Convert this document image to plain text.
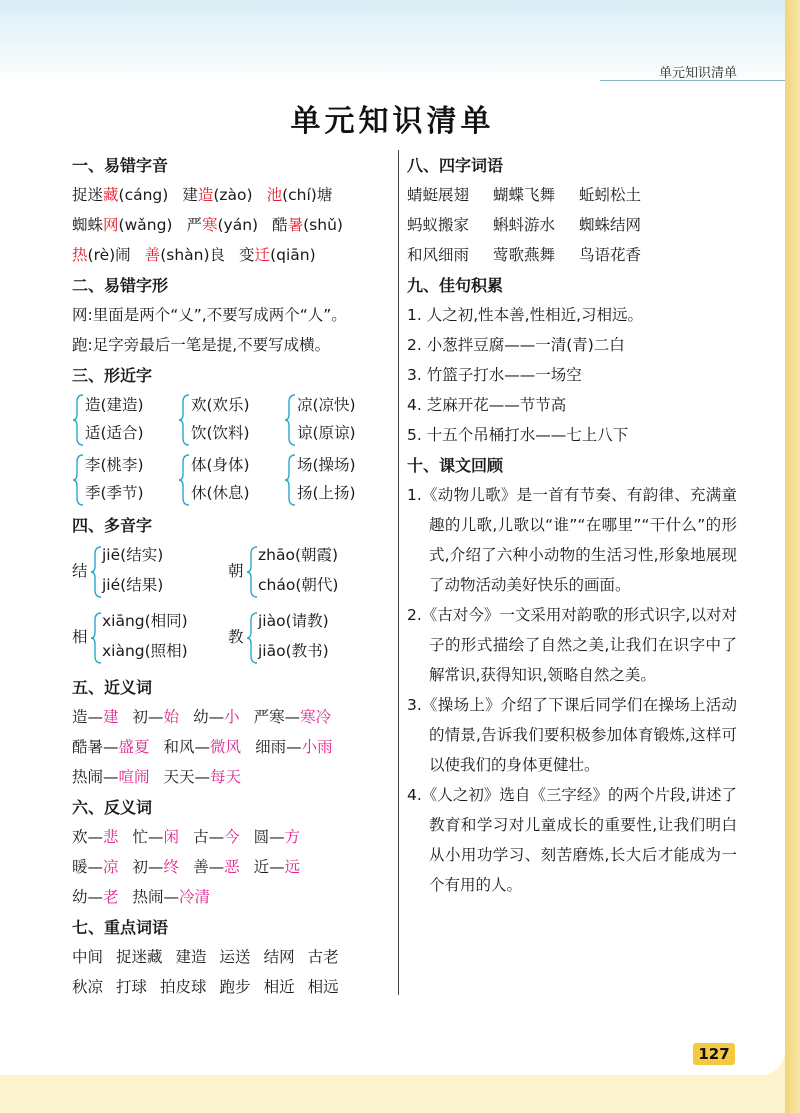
单元知识清单
单元知识清单
一、易错字音
捉迷藏(cáng) 建造(zào) 池(chí)塘
蜘蛛网(wǎng) 严寒(yán) 酷暑(shǔ)
热(rè)闹 善(shàn)良 变迁(qiān)
二、易错字形
网:里面是两个“乂”,不要写成两个“人”。
跑:足字旁最后一笔是提,不要写成横。
三、形近字
造(建造)
适(适合)
欢(欢乐)
饮(饮料)
凉(凉快)
谅(原谅)
李(桃李)
季(季节)
体(身体)
休(休息)
场(操场)
扬(上扬)
四、多音字
结
jiē(结实)
jié(结果)
朝
zhāo(朝霞)
cháo(朝代)
相
xiāng(相同)
xiàng(照相)
教
jiào(请教)
jiāo(教书)
五、近义词
造—建 初—始 幼—小 严寒—寒冷
酷暑—盛夏 和风—微风 细雨—小雨
热闹—喧闹 天天—每天
六、反义词
欢—悲 忙—闲 古—今 圆—方
暖—凉 初—终 善—恶 近—远
幼—老 热闹—冷清
七、重点词语
中间 捉迷藏 建造 运送 结网 古老
秋凉 打球 拍皮球 跑步 相近 相远
八、四字词语
蜻蜓展翅 蝴蝶飞舞 蚯蚓松土
蚂蚁搬家 蝌蚪游水 蜘蛛结网
和风细雨 莺歌燕舞 鸟语花香
九、佳句积累
1. 人之初,性本善,性相近,习相远。
2. 小葱拌豆腐——一清(青)二白
3. 竹篮子打水——一场空
4. 芝麻开花——节节高
5. 十五个吊桶打水——七上八下
十、课文回顾
1.《动物儿歌》是一首有节奏、有韵律、充满童趣的儿歌,儿歌以“谁”“在哪里”“干什么”的形式,介绍了六种小动物的生活习性,形象地展现了动物活动美好快乐的画面。
2.《古对今》一文采用对韵歌的形式识字,以对对子的形式描绘了自然之美,让我们在识字中了解常识,获得知识,领略自然之美。
3.《操场上》介绍了下课后同学们在操场上活动的情景,告诉我们要积极参加体育锻炼,这样可以使我们的身体更健壮。
4.《人之初》选自《三字经》的两个片段,讲述了教育和学习对儿童成长的重要性,让我们明白从小用功学习、刻苦磨炼,长大后才能成为一个有用的人。
127
